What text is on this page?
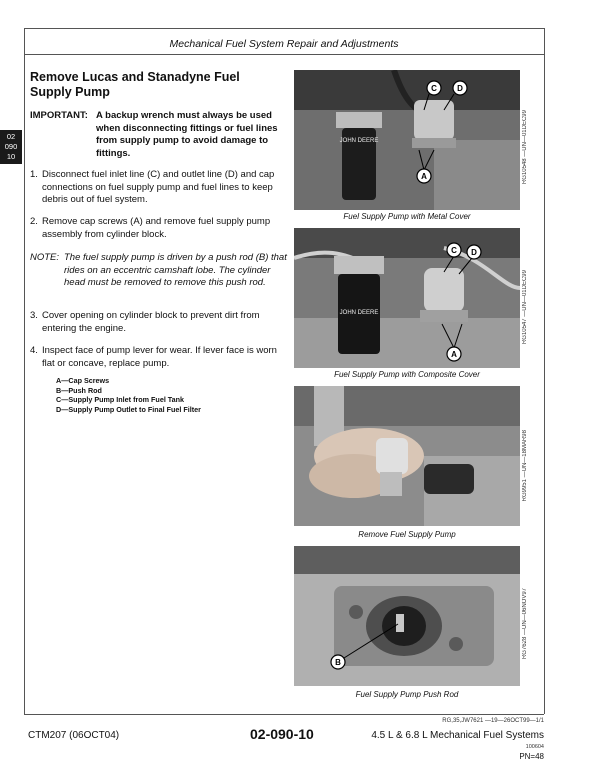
Mechanical Fuel System Repair and Adjustments
02
090
10
Remove Lucas and Stanadyne Fuel Supply Pump
IMPORTANT: A backup wrench must always be used when disconnecting fittings or fuel lines from supply pump to avoid damage to fittings.
1. Disconnect fuel inlet line (C) and outlet line (D) and cap connections on fuel supply pump and fuel lines to keep debris out of fuel system.
2. Remove cap screws (A) and remove fuel supply pump assembly from cylinder block.
NOTE: The fuel supply pump is driven by a push rod (B) that rides on an eccentric camshaft lobe. The cylinder head must be removed to remove this push rod.
3. Cover opening on cylinder block to prevent dirt from entering the engine.
4. Inspect face of pump lever for wear. If lever face is worn flat or concave, replace pump.
A—Cap Screws
B—Push Rod
C—Supply Pump Inlet from Fuel Tank
D—Supply Pump Outlet to Final Fuel Filter
JOHN DEERE
C	D
A	RG10548 —UN—01DEC99
Fuel Supply Pump with Metal Cover
JOHN DEERE
C D
A
RG10547 —UN—01DEC99
Fuel Supply Pump with Composite Cover
RG9951 —UN—18MAR98
Remove Fuel Supply Pump
B
RG7628 —UN—06NOV97
Fuel Supply Pump Push Rod
RG,35,JW7621 —19—26OCT99—1/1
CTM207 (06OCT04)	02-090-10	4.5 L & 6.8 L Mechanical Fuel Systems
100604
PN=48
